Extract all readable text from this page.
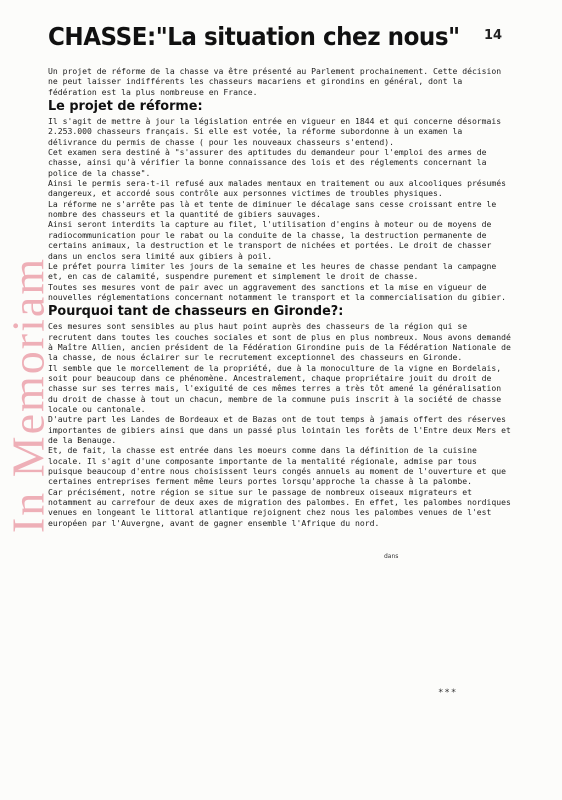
CHASSE:"La situation chez nous" 14

Un projet de réforme de la chasse va être présenté au Parlement prochainement. Cette décision ne peut laisser indifférents les chasseurs macariens et girondins en général, dont la fédération est la plus nombreuse en France.

Le projet de réforme:

Il s'agit de mettre à jour la législation entrée en vigueur en 1844 et qui concerne désormais 2.253.000 chasseurs français. Si elle est votée, la réforme subordonne à un examen la délivrance du permis de chasse ( pour les nouveaux chasseurs s'entend).

Cet examen sera destiné à "s'assurer des aptitudes du demandeur pour l'emploi des armes de chasse, ainsi qu'à vérifier la bonne connaissance des lois et des réglements concernant la police de la chasse".

Ainsi le permis sera-t-il refusé aux malades mentaux en traitement ou aux alcooliques présumés dangereux, et accordé sous contrôle aux personnes victimes de troubles physiques.

La réforme ne s'arrête pas là et tente de diminuer le décalage sans cesse croissant entre le nombre des chasseurs et la quantité de gibiers sauvages.

Ainsi seront interdits la capture au filet, l'utilisation d'engins à moteur ou de moyens de radiocommunication pour le rabat ou la conduite de la chasse, la destruction permanente de certains animaux, la destruction et le transport de nichées et portées. Le droit de chasser dans un enclos sera limité aux gibiers à poil.

Le préfet pourra limiter les jours de la semaine et les heures de chasse pendant la campagne et, en cas de calamité, suspendre purement et simplement le droit de chasse.

Toutes ses mesures vont de pair avec un aggravement des sanctions et la mise en vigueur de nouvelles réglementations concernant notamment le transport et la commercialisation du gibier.

Pourquoi tant de chasseurs en Gironde?:

Ces mesures sont sensibles au plus haut point auprès des chasseurs de la région qui se recrutent dans toutes les couches sociales et sont de plus en plus nombreux. Nous avons demandé à Maître Allien, ancien président de la Fédération Girondine puis de la Fédération Nationale de la chasse, de nous éclairer sur le recrutement exceptionnel des chasseurs en Gironde.

Il semble que le morcellement de la propriété, due à la monoculture de la vigne en Bordelais, soit pour beaucoup dans ce phénomène. Ancestralement, chaque propriétaire jouit du droit de chasse sur ses terres mais, l'exiguité de ces mêmes terres a très tôt amené la généralisation du droit de chasse à tout un chacun, membre de la commune puis inscrit à la société de chasse locale ou cantonale.

D'autre part les Landes de Bordeaux et de Bazas ont de tout temps à jamais offert des réserves importantes de gibiers ainsi que dans un passé plus lointain les forêts de l'Entre deux Mers et de la Benauge.

Et, de fait, la chasse est entrée dans les moeurs comme dans la définition de la cuisine locale. Il s'agit d'une composante importante de la mentalité régionale, admise par tous puisque beaucoup d'entre nous choisissent leurs congés annuels au moment de l'ouverture et que certaines entreprises ferment même leurs portes lorsqu'approche la chasse à la palombe.

Car précisément, notre région se situe sur le passage de nombreux oiseaux migrateurs et notamment au carrefour de deux axes de migration des palombes. En effet, les palombes nordiques venues en longeant le littoral atlantique rejoignent chez nous les palombes venues de l'est européen par l'Auvergne, avant de gagner ensemble l'Afrique du nord.

dans
***
In Memoriam
